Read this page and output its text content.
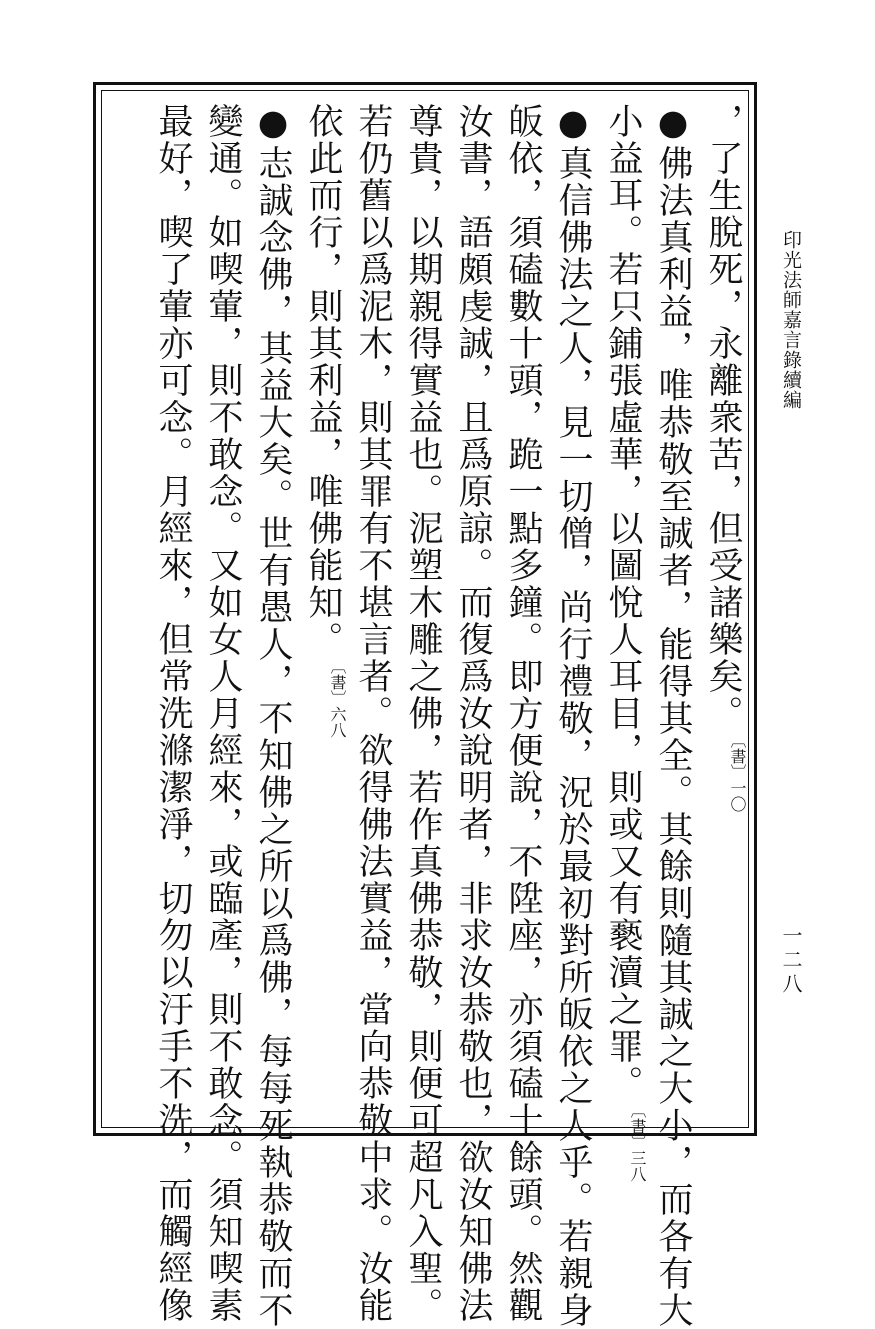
印光法師嘉言錄續編
一二八
，了生脫死，永離衆苦，但受諸樂矣。〔書〕一〇
●佛法真利益，唯恭敬至誠者，能得其全。其餘則隨其誠之大小，而各有大
小益耳。若只鋪張虛華，以圖悅人耳目，則或又有褻瀆之罪。〔書〕三八
●真信佛法之人，見一切僧，尚行禮敬，況於最初對所皈依之人乎。若親身
皈依，須磕數十頭，跪一點多鐘。即方便說，不陞座，亦須磕十餘頭。然觀
汝書，語頗虔誠，且爲原諒。而復爲汝說明者，非求汝恭敬也，欲汝知佛法
尊貴，以期親得實益也。泥塑木雕之佛，若作真佛恭敬，則便可超凡入聖。
若仍舊以爲泥木，則其罪有不堪言者。欲得佛法實益，當向恭敬中求。汝能
依此而行，則其利益，唯佛能知。〔書〕六八
●志誠念佛，其益大矣。世有愚人，不知佛之所以爲佛，每每死執恭敬而不
變通。如喫葷，則不敢念。又如女人月經來，或臨產，則不敢念。須知喫素
最好，喫了葷亦可念。月經來，但常洗滌潔淨，切勿以汙手不洗，而觸經像
